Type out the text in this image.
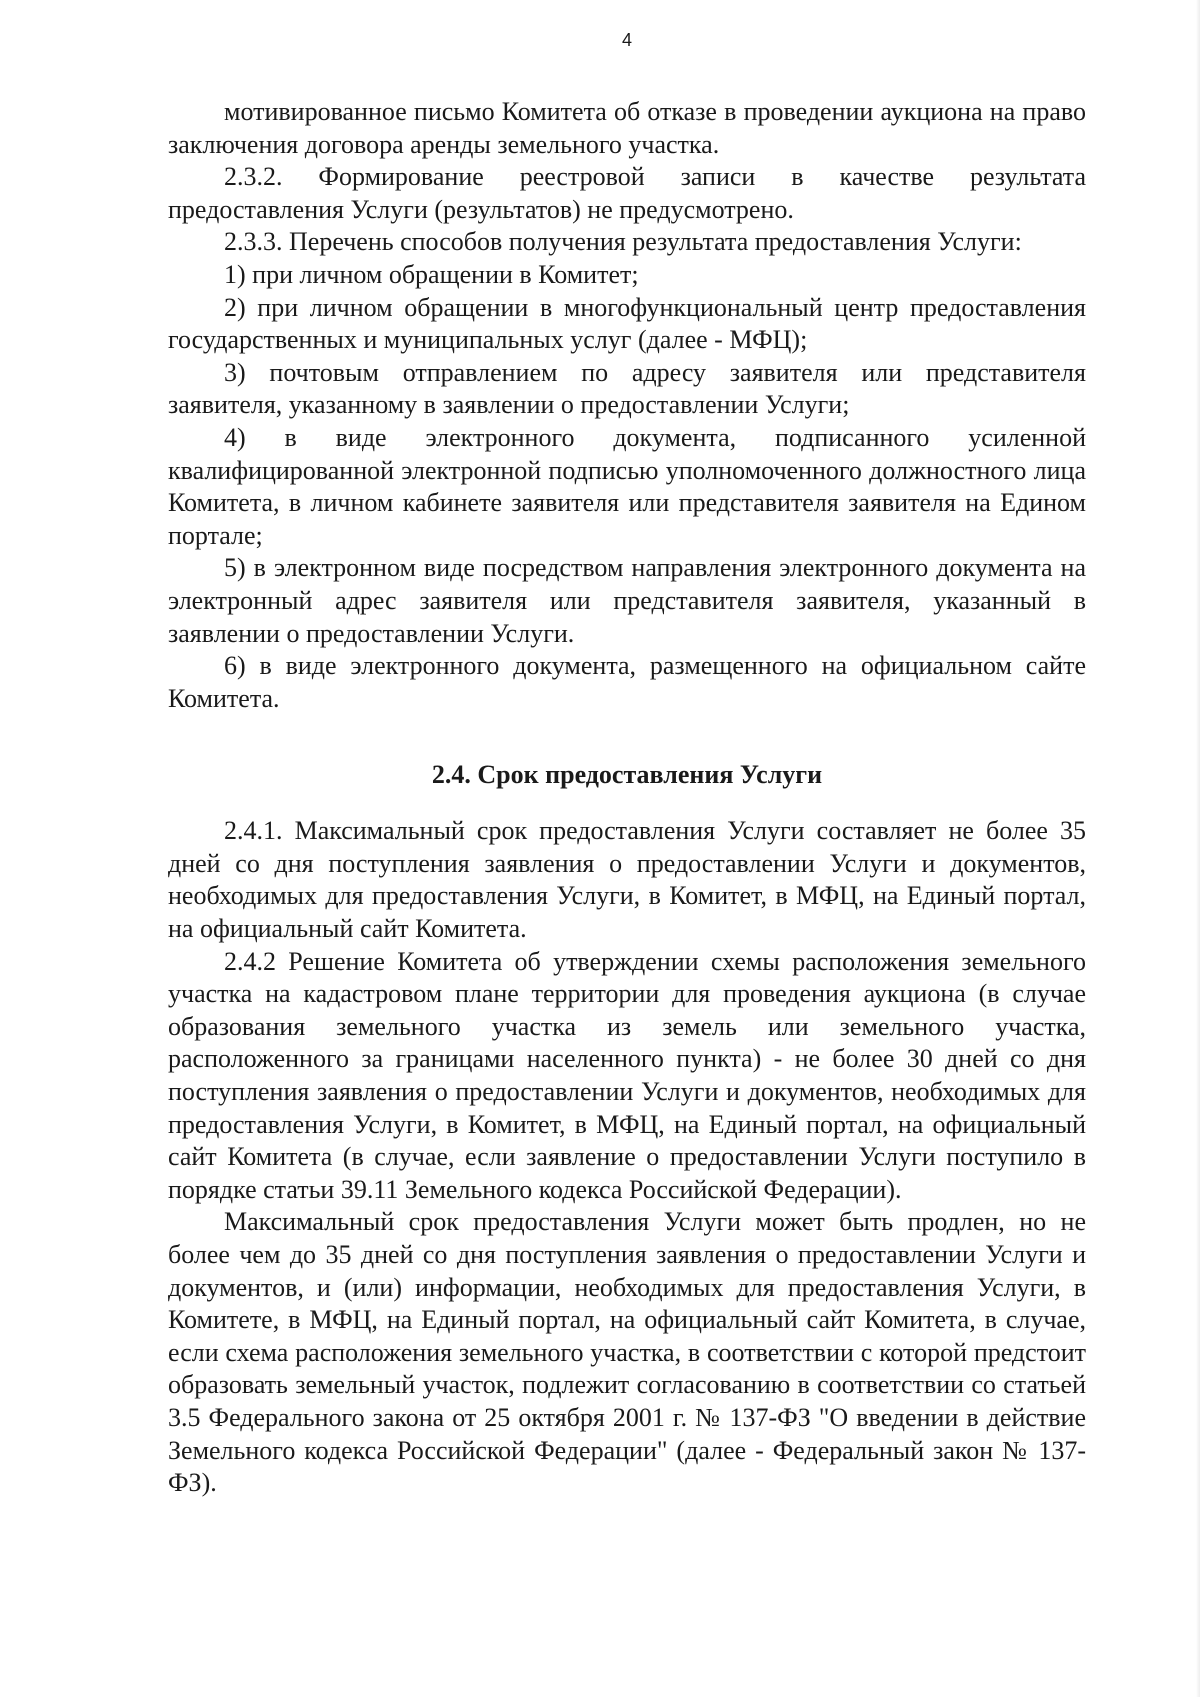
4

мотивированное письмо Комитета об отказе в проведении аукциона на право заключения договора аренды земельного участка.

2.3.2. Формирование реестровой записи в качестве результата предоставления Услуги (результатов) не предусмотрено.

2.3.3. Перечень способов получения результата предоставления Услуги:

1) при личном обращении в Комитет;

2) при личном обращении в многофункциональный центр предоставления государственных и муниципальных услуг (далее - МФЦ);

3) почтовым отправлением по адресу заявителя или представителя заявителя, указанному в заявлении о предоставлении Услуги;

4) в виде электронного документа, подписанного усиленной квалифицированной электронной подписью уполномоченного должностного лица Комитета, в личном кабинете заявителя или представителя заявителя на Едином портале;

5) в электронном виде посредством направления электронного документа на электронный адрес заявителя или представителя заявителя, указанный в заявлении о предоставлении Услуги.

6) в виде электронного документа, размещенного на официальном сайте Комитета.

2.4. Срок предоставления Услуги

2.4.1. Максимальный срок предоставления Услуги составляет не более 35 дней со дня поступления заявления о предоставлении Услуги и документов, необходимых для предоставления Услуги, в Комитет, в МФЦ, на Единый портал, на официальный сайт Комитета.

2.4.2 Решение Комитета об утверждении схемы расположения земельного участка на кадастровом плане территории для проведения аукциона (в случае образования земельного участка из земель или земельного участка, расположенного за границами населенного пункта) - не более 30 дней со дня поступления заявления о предоставлении Услуги и документов, необходимых для предоставления Услуги, в Комитет, в МФЦ, на Единый портал, на официальный сайт Комитета (в случае, если заявление о предоставлении Услуги поступило в порядке статьи 39.11 Земельного кодекса Российской Федерации).

Максимальный срок предоставления Услуги может быть продлен, но не более чем до 35 дней со дня поступления заявления о предоставлении Услуги и документов, и (или) информации, необходимых для предоставления Услуги, в Комитете, в МФЦ, на Единый портал, на официальный сайт Комитета, в случае, если схема расположения земельного участка, в соответствии с которой предстоит образовать земельный участок, подлежит согласованию в соответствии со статьей 3.5 Федерального закона от 25 октября 2001 г. № 137-ФЗ "О введении в действие Земельного кодекса Российской Федерации" (далее - Федеральный закон № 137-ФЗ).
